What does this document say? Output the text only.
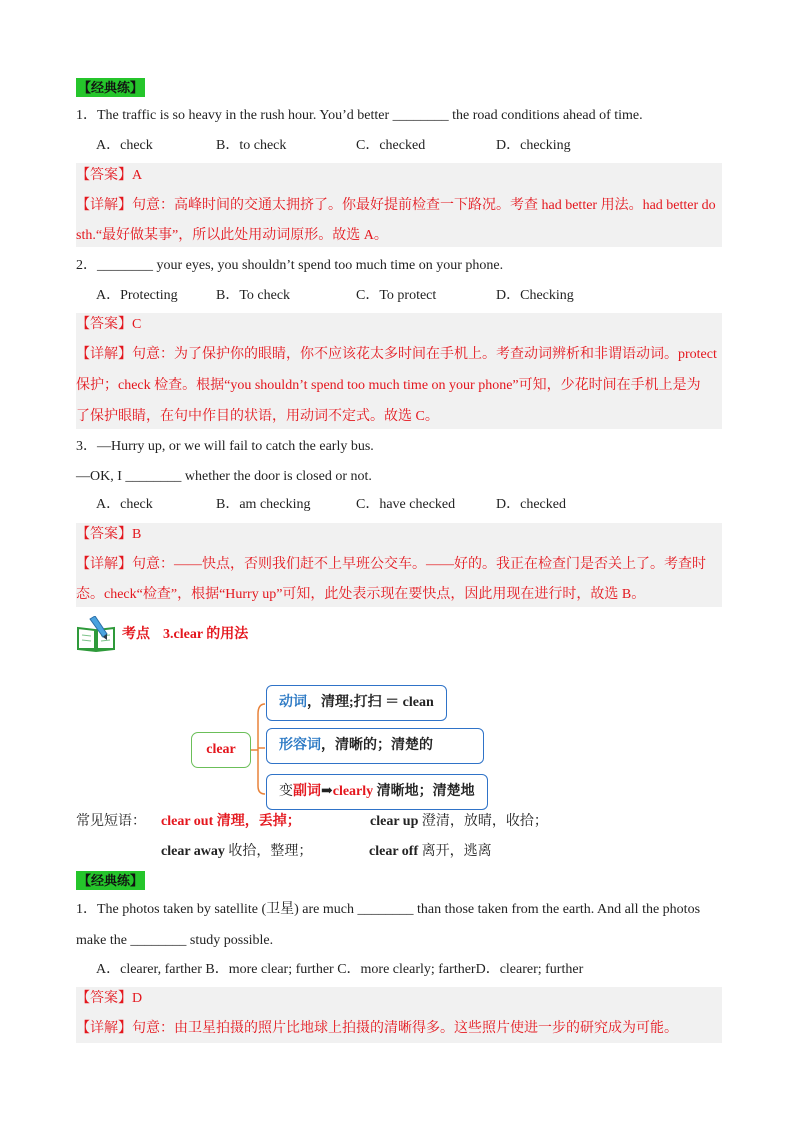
【经典练】
1．The traffic is so heavy in the rush hour. You’d better ________ the road conditions ahead of time.
A．check	B．to check	C．checked	D．checking
【答案】A
【详解】句意：高峰时间的交通太拥挤了。你最好提前检查一下路况。考查 had better 用法。had better do
sth.“最好做某事”，所以此处用动词原形。故选 A。
2．________ your eyes, you shouldn’t spend too much time on your phone.
A．Protecting	B．To check	C．To protect	D．Checking
【答案】C
【详解】句意：为了保护你的眼睛，你不应该花太多时间在手机上。考查动词辨析和非谓语动词。protect
保护；check 检查。根据“you shouldn’t spend too much time on your phone”可知，少花时间在手机上是为
了保护眼睛，在句中作目的状语，用动词不定式。故选 C。
3．—Hurry up, or we will fail to catch the early bus.
—OK, I ________ whether the door is closed or not.
A．check	B．am checking	C．have checked	D．checked
【答案】B
【详解】句意：——快点，否则我们赶不上早班公交车。——好的。我正在检查门是否关上了。考查时
态。check“检查”，根据“Hurry up”可知，此处表示现在要快点，因此用现在进行时，故选 B。
考点 3.clear 的用法
clear
动词，清理;打扫 ＝ clean
形容词，清晰的；清楚的
变副词➡clearly 清晰地；清楚地
常见短语： clear out 清理，丢掉；	clear up 澄清，放晴，收拾；
clear away 收拾，整理；	clear off 离开，逃离
【经典练】
1．The photos taken by satellite (卫星) are much ________ than those taken from the earth. And all the photos
make the ________ study possible.
A．clearer, farther B．more clear; further C．more clearly; fartherD．clearer; further
【答案】D
【详解】句意：由卫星拍摄的照片比地球上拍摄的清晰得多。这些照片使进一步的研究成为可能。
